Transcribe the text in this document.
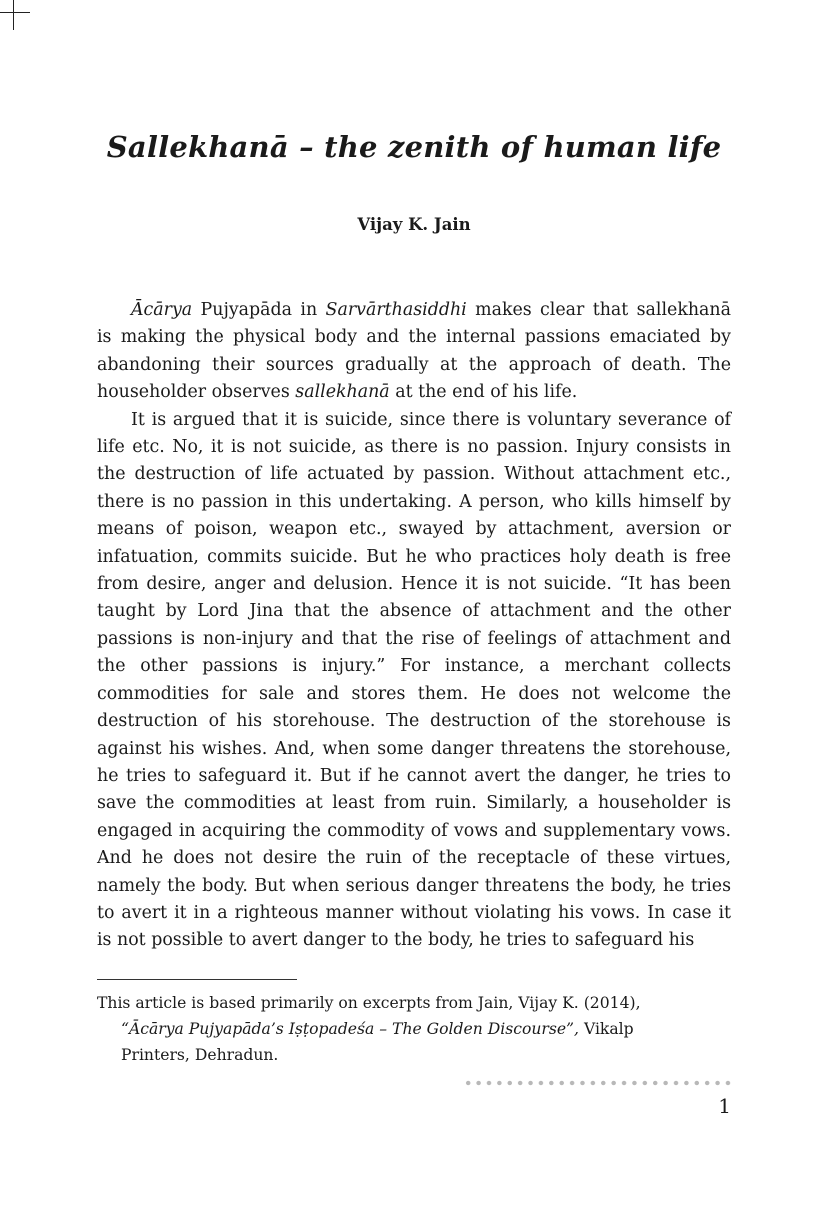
Sallekhanā – the zenith of human life
Vijay K. Jain

Ācārya Pujyapāda in Sarvārthasiddhi makes clear that sallekhanā is making the physical body and the internal passions emaciated by abandoning their sources gradually at the approach of death. The householder observes sallekhanā at the end of his life.

It is argued that it is suicide, since there is voluntary severance of life etc. No, it is not suicide, as there is no passion. Injury consists in the destruction of life actuated by passion. Without attachment etc., there is no passion in this undertaking. A person, who kills himself by means of poison, weapon etc., swayed by attachment, aversion or infatuation, commits suicide. But he who practices holy death is free from desire, anger and delusion. Hence it is not suicide. “It has been taught by Lord Jina that the absence of attachment and the other passions is non-injury and that the rise of feelings of attachment and the other passions is injury.” For instance, a merchant collects commodities for sale and stores them. He does not welcome the destruction of his storehouse. The destruction of the storehouse is against his wishes. And, when some danger threatens the storehouse, he tries to safeguard it. But if he cannot avert the danger, he tries to save the commodities at least from ruin. Similarly, a householder is engaged in acquiring the commodity of vows and supplementary vows. And he does not desire the ruin of the receptacle of these virtues, namely the body. But when serious danger threatens the body, he tries to avert it in a righteous manner without violating his vows. In case it is not possible to avert danger to the body, he tries to safeguard his

This article is based primarily on excerpts from Jain, Vijay K. (2014),
“Ācārya Pujyapāda’s Iṣṭopadeśa – The Golden Discourse”, Vikalp
Printers, Dehradun.
1
